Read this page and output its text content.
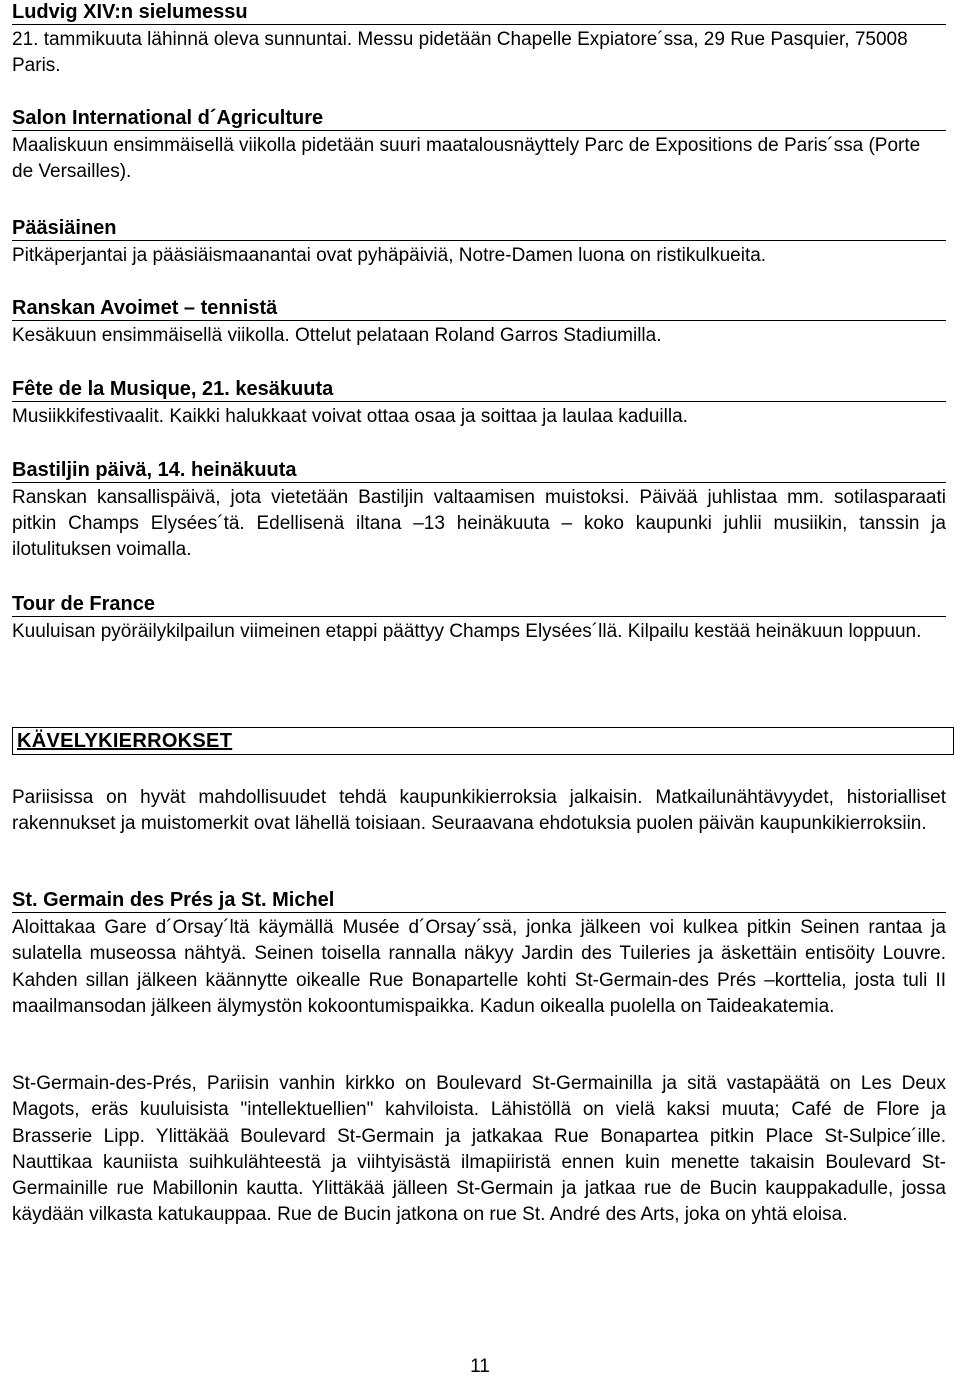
Ludvig XIV:n sielumessu
21. tammikuuta lähinnä oleva sunnuntai. Messu pidetään Chapelle Expiatore´ssa, 29 Rue Pasquier, 75008 Paris.
Salon International d´Agriculture
Maaliskuun ensimmäisellä viikolla pidetään suuri maatalousnäyttely Parc de Expositions de Paris´ssa (Porte de Versailles).
Pääsiäinen
Pitkäperjantai ja pääsiäismaanantai ovat pyhäpäiviä, Notre-Damen luona on ristikulkueita.
Ranskan Avoimet – tennistä
Kesäkuun ensimmäisellä viikolla. Ottelut pelataan Roland Garros Stadiumilla.
Fête de la Musique, 21. kesäkuuta
Musiikkifestivaalit. Kaikki halukkaat voivat ottaa osaa ja soittaa ja laulaa kaduilla.
Bastiljin päivä, 14. heinäkuuta
Ranskan kansallispäivä, jota vietetään Bastiljin valtaamisen muistoksi. Päivää juhlistaa mm. sotilasparaati pitkin Champs Elysées´tä. Edellisenä iltana –13 heinäkuuta – koko kaupunki juhlii musiikin, tanssin ja ilotulituksen voimalla.
Tour de France
Kuuluisan pyöräilykilpailun viimeinen etappi päättyy Champs Elysées´llä. Kilpailu kestää heinäkuun loppuun.
KÄVELYKIERROKSET
Pariisissa on hyvät mahdollisuudet tehdä kaupunkikierroksia jalkaisin. Matkailunähtävyydet, historialliset rakennukset ja muistomerkit ovat lähellä toisiaan. Seuraavana ehdotuksia puolen päivän kaupunkikierroksiin.
St. Germain des Prés ja St. Michel
Aloittakaa Gare d´Orsay´ltä käymällä Musée d´Orsay´ssä, jonka jälkeen voi kulkea pitkin Seinen rantaa ja sulatella museossa nähtyä. Seinen toisella rannalla näkyy Jardin des Tuileries ja äskettäin entisöity Louvre. Kahden sillan jälkeen käännytte oikealle Rue Bonapartelle kohti St-Germain-des Prés –korttelia, josta tuli II maailmansodan jälkeen älymystön kokoontumispaikka. Kadun oikealla puolella on Taideakatemia.
St-Germain-des-Prés, Pariisin vanhin kirkko on Boulevard St-Germainilla ja sitä vastapäätä on Les Deux Magots, eräs kuuluisista "intellektuellien" kahviloista. Lähistöllä on vielä kaksi muuta; Café de Flore ja Brasserie Lipp. Ylittäkää Boulevard St-Germain ja jatkakaa Rue Bonapartea pitkin Place St-Sulpice´ille. Nauttikaa kauniista suihkulähteestä ja viihtyisästä ilmapiiristä ennen kuin menette takaisin Boulevard St-Germainille rue Mabillonin kautta. Ylittäkää jälleen St-Germain ja jatkaa rue de Bucin kauppakadulle, jossa käydään vilkasta katukauppaa. Rue de Bucin jatkona on rue St. André des Arts, joka on yhtä eloisa.
11
